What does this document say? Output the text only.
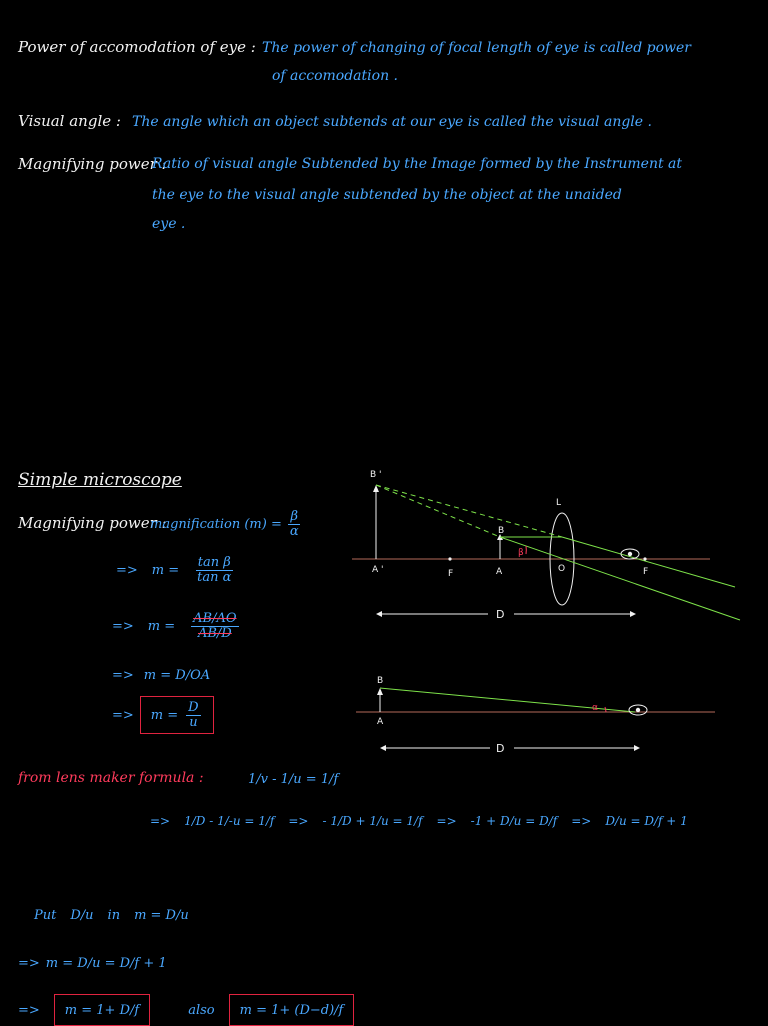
Power of accomodation of eye : The power of changing of focal length of eye is called power
of accomodation .
Visual angle : The angle which an object subtends at our eye is called the visual angle .
Magnifying power :
Ratio of visual angle Subtended by the Image formed by the Instrument at
the eye to the visual angle subtended by the object at the unaided
eye .
Simple microscope
Magnifying power :
magnification $(m) = \frac{\beta}{\alpha}$
=> $m = \frac{\text{tan β}}{\text{tan α}}$
=> $m = \frac{AB/AO}{AB/D}$
=> m = D/OA
=> $m = \frac{D}{u}$
from lens maker formula :	1/v - 1/u = 1/f
=> 1/D - 1/-u = 1/f => - 1/D + 1/u = 1/f => -1 + D/u = D/f => D/u = D/f + 1
Put D/u in m = D/u
=> m = D/u = D/f + 1
=>	m = 1+ D/f	also	m = 1+ (D−d)/f
B '
A '
B
A
F	F
O
L
β
D
α
B
A
D
